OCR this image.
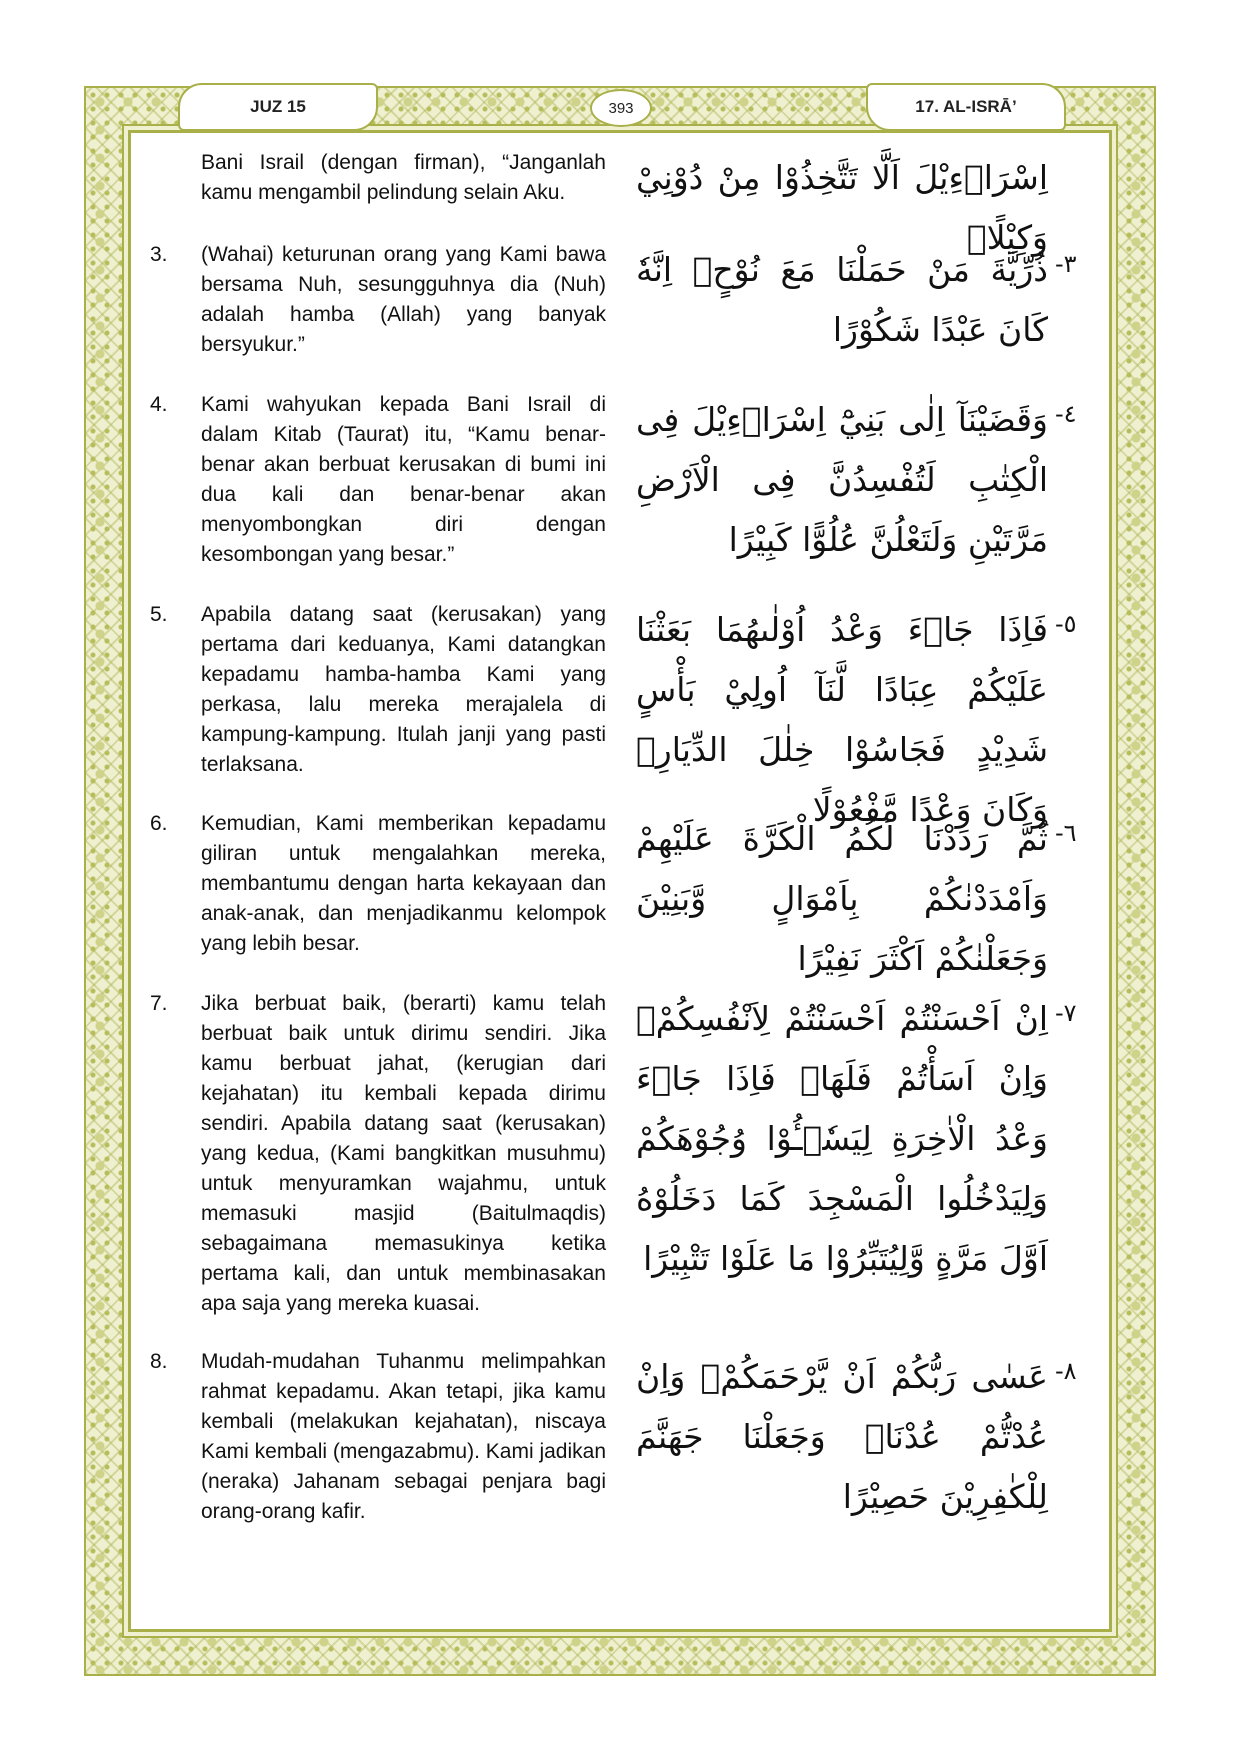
JUZ 15	393	17. AL-ISRĀ’
Bani Israil (dengan firman), “Janganlah kamu mengambil pelindung selain Aku.	اِسْرَاۤءِيْلَ اَلَّا تَتَّخِذُوْا مِنْ دُوْنِيْ وَكِيْلًاۗ
3.	(Wahai) keturunan orang yang Kami bawa bersama Nuh, sesungguhnya dia (Nuh) adalah hamba (Allah) yang banyak bersyukur.”
ذُرِّيَّةَ مَنْ حَمَلْنَا مَعَ نُوْحٍۗ اِنَّهٗ كَانَ عَبْدًا شَكُوْرًا
-٣
4.	Kami wahyukan kepada Bani Israil di dalam Kitab (Taurat) itu, “Kamu benar-benar akan berbuat kerusakan di bumi ini dua kali dan benar-benar akan menyombongkan diri dengan kesombongan yang besar.”
وَقَضَيْنَآ اِلٰى بَنِيْٓ اِسْرَاۤءِيْلَ فِى الْكِتٰبِ لَتُفْسِدُنَّ فِى الْاَرْضِ مَرَّتَيْنِ وَلَتَعْلُنَّ عُلُوًّا كَبِيْرًا
-٤
5.	Apabila datang saat (kerusakan) yang pertama dari keduanya, Kami datangkan kepadamu hamba-hamba Kami yang perkasa, lalu mereka merajalela di kampung-kampung. Itulah janji yang pasti terlaksana.
فَاِذَا جَاۤءَ وَعْدُ اُوْلٰىهُمَا بَعَثْنَا عَلَيْكُمْ عِبَادًا لَّنَآ اُولِيْ بَأْسٍ شَدِيْدٍ فَجَاسُوْا خِلٰلَ الدِّيَارِۗ وَكَانَ وَعْدًا مَّفْعُوْلًا
-٥
6.	Kemudian, Kami memberikan kepadamu giliran untuk mengalahkan mereka, membantumu dengan harta kekayaan dan anak-anak, dan menjadikanmu kelompok yang lebih besar.
ثُمَّ رَدَدْنَا لَكُمُ الْكَرَّةَ عَلَيْهِمْ وَاَمْدَدْنٰكُمْ بِاَمْوَالٍ وَّبَنِيْنَ وَجَعَلْنٰكُمْ اَكْثَرَ نَفِيْرًا
-٦
7.	Jika berbuat baik, (berarti) kamu telah berbuat baik untuk dirimu sendiri. Jika kamu berbuat jahat, (kerugian dari kejahatan) itu kembali kepada dirimu sendiri. Apabila datang saat (kerusakan) yang kedua, (Kami bangkitkan musuhmu) untuk menyuramkan wajahmu, untuk memasuki masjid (Baitulmaqdis) sebagaimana memasukinya ketika pertama kali, dan untuk membinasakan apa saja yang mereka kuasai.
اِنْ اَحْسَنْتُمْ اَحْسَنْتُمْ لِاَنْفُسِكُمْۗ وَاِنْ اَسَأْتُمْ فَلَهَاۗ فَاِذَا جَاۤءَ وَعْدُ الْاٰخِرَةِ لِيَسٗۤـُٔوْا وُجُوْهَكُمْ وَلِيَدْخُلُوا الْمَسْجِدَ كَمَا دَخَلُوْهُ اَوَّلَ مَرَّةٍ وَّلِيُتَبِّرُوْا مَا عَلَوْا تَتْبِيْرًا
-٧
8.	Mudah-mudahan Tuhanmu melimpahkan rahmat kepadamu. Akan tetapi, jika kamu kembali (melakukan kejahatan), niscaya Kami kembali (mengazabmu). Kami jadikan (neraka) Jahanam sebagai penjara bagi orang-orang kafir.
عَسٰى رَبُّكُمْ اَنْ يَّرْحَمَكُمْۚ وَاِنْ عُدْتُّمْ عُدْنَاۘ وَجَعَلْنَا جَهَنَّمَ لِلْكٰفِرِيْنَ حَصِيْرًا
-٨
